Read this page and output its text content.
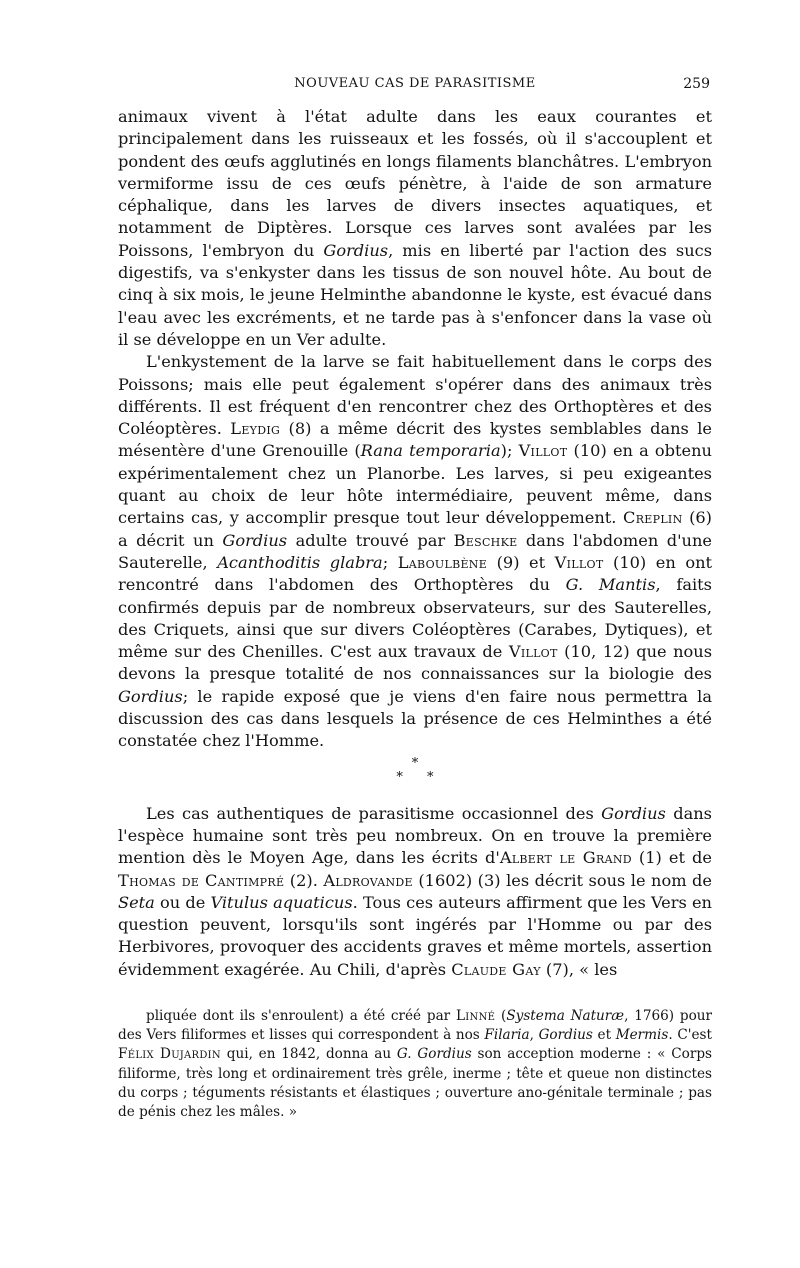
NOUVEAU CAS DE PARASITISME	259

animaux vivent à l'état adulte dans les eaux courantes et principalement dans les ruisseaux et les fossés, où il s'accouplent et pondent des œufs agglutinés en longs filaments blanchâtres. L'embryon vermiforme issu de ces œufs pénètre, à l'aide de son armature céphalique, dans les larves de divers insectes aquatiques, et notamment de Diptères. Lorsque ces larves sont avalées par les Poissons, l'embryon du Gordius, mis en liberté par l'action des sucs digestifs, va s'enkyster dans les tissus de son nouvel hôte. Au bout de cinq à six mois, le jeune Helminthe abandonne le kyste, est évacué dans l'eau avec les excréments, et ne tarde pas à s'enfoncer dans la vase où il se développe en un Ver adulte.

L'enkystement de la larve se fait habituellement dans le corps des Poissons; mais elle peut également s'opérer dans des animaux très différents. Il est fréquent d'en rencontrer chez des Orthoptères et des Coléoptères. Leydig (8) a même décrit des kystes semblables dans le mésentère d'une Grenouille (Rana temporaria); Villot (10) en a obtenu expérimentalement chez un Planorbe. Les larves, si peu exigeantes quant au choix de leur hôte intermédiaire, peuvent même, dans certains cas, y accomplir presque tout leur développement. Creplin (6) a décrit un Gordius adulte trouvé par Beschke dans l'abdomen d'une Sauterelle, Acanthoditis glabra; Laboulbène (9) et Villot (10) en ont rencontré dans l'abdomen des Orthoptères du G. Mantis, faits confirmés depuis par de nombreux observateurs, sur des Sauterelles, des Criquets, ainsi que sur divers Coléoptères (Carabes, Dytiques), et même sur des Chenilles. C'est aux travaux de Villot (10, 12) que nous devons la presque totalité de nos connaissances sur la biologie des Gordius; le rapide exposé que je viens d'en faire nous permettra la discussion des cas dans lesquels la présence de ces Helminthes a été constatée chez l'Homme.

*
* *

Les cas authentiques de parasitisme occasionnel des Gordius dans l'espèce humaine sont très peu nombreux. On en trouve la première mention dès le Moyen Age, dans les écrits d'Albert le Grand (1) et de Thomas de Cantimpré (2). Aldrovande (1602) (3) les décrit sous le nom de Seta ou de Vitulus aquaticus. Tous ces auteurs affirment que les Vers en question peuvent, lorsqu'ils sont ingérés par l'Homme ou par des Herbivores, provoquer des accidents graves et même mortels, assertion évidemment exagérée. Au Chili, d'après Claude Gay (7), « les

pliquée dont ils s'enroulent) a été créé par Linné (Systema Naturæ, 1766) pour des Vers filiformes et lisses qui correspondent à nos Filaria, Gordius et Mermis. C'est Félix Dujardin qui, en 1842, donna au G. Gordius son acception moderne : « Corps filiforme, très long et ordinairement très grêle, inerme ; tête et queue non distinctes du corps ; téguments résistants et élastiques ; ouverture ano-génitale terminale ; pas de pénis chez les mâles. »
